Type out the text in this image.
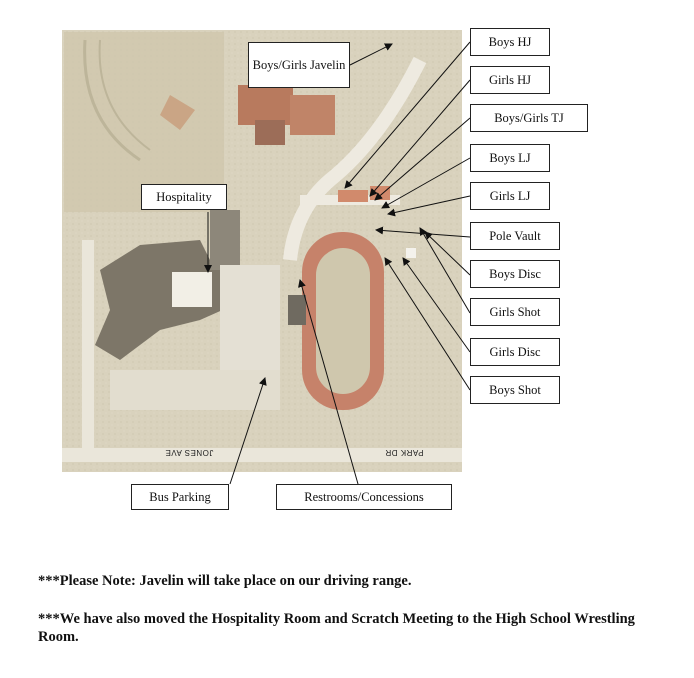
JONES AVE	PARK DR
Boys/Girls Javelin
Hospitality
Bus Parking	Restrooms/Concessions
Boys HJ
Girls HJ
Boys/Girls TJ
Boys LJ
Girls LJ
Pole Vault
Boys Disc
Girls Shot
Girls Disc
Boys Shot
***Please Note: Javelin will take place on our driving range.
***We have also moved the Hospitality Room and Scratch Meeting to the High School Wrestling Room.
